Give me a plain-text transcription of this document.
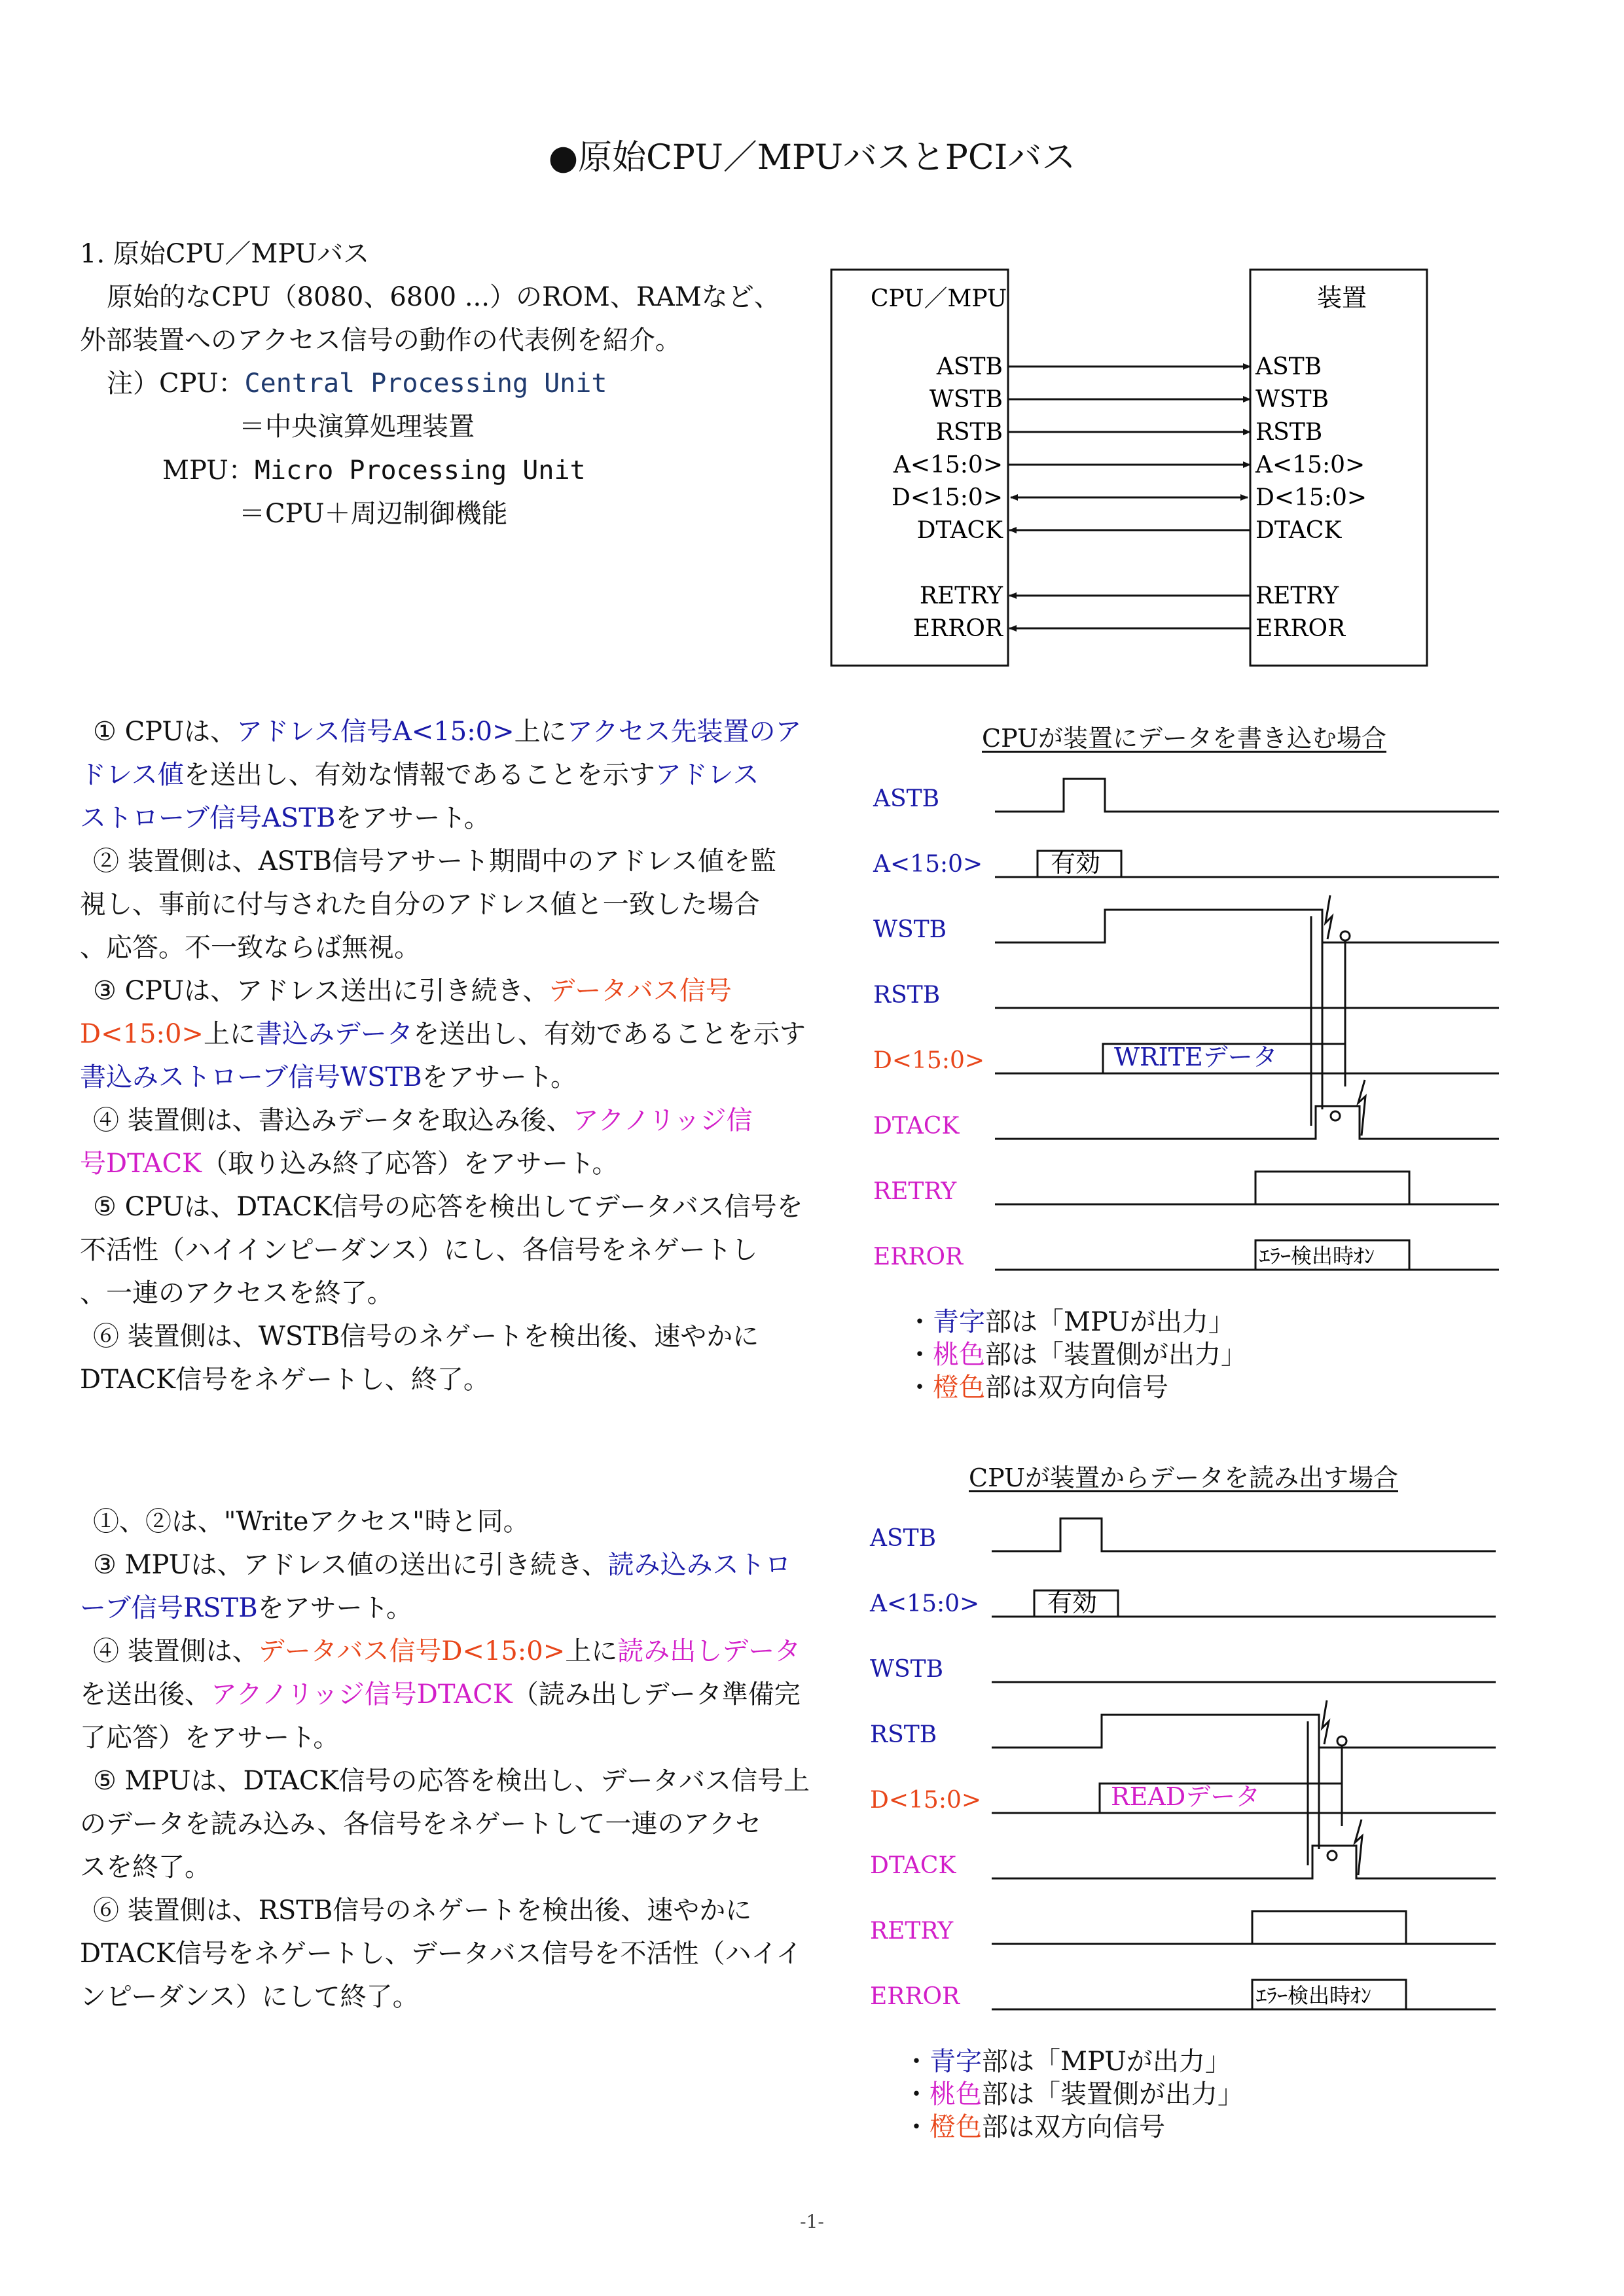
●原始CPU／MPUバスとPCIバス
1. 原始CPU／MPUバス
原始的なCPU（8080、6800 ...）のROM、RAMなど、
外部装置へのアクセス信号の動作の代表例を紹介。
注）CPU：Central Processing Unit
＝中央演算処理装置
MPU：Micro Processing Unit
＝CPU＋周辺制御機能
CPU／MPU	装置
ASTB	ASTB
WSTB	WSTB
RSTB	RSTB
A<15:0>	A<15:0>
D<15:0>	D<15:0>
DTACK	DTACK
RETRY	RETRY
ERROR	ERROR
① CPUは、アドレス信号A<15:0>上にアクセス先装置のア
ドレス値を送出し、有効な情報であることを示すアドレス
ストローブ信号ASTBをアサート。
② 装置側は、ASTB信号アサート期間中のアドレス値を監
視し、事前に付与された自分のアドレス値と一致した場合
、応答。不一致ならば無視。
③ CPUは、アドレス送出に引き続き、データバス信号
D<15:0>上に書込みデータを送出し、有効であることを示す
書込みストローブ信号WSTBをアサート。
④ 装置側は、書込みデータを取込み後、アクノリッジ信
号DTACK（取り込み終了応答）をアサート。
⑤ CPUは、DTACK信号の応答を検出してデータバス信号を
不活性（ハイインピーダンス）にし、各信号をネゲートし
、一連のアクセスを終了。
⑥ 装置側は、WSTB信号のネゲートを検出後、速やかに
DTACK信号をネゲートし、終了。
①、②は、"Writeアクセス"時と同。
③ MPUは、アドレス値の送出に引き続き、読み込みストロ
ーブ信号RSTBをアサート。
④ 装置側は、データバス信号D<15:0>上に読み出しデータ
を送出後、アクノリッジ信号DTACK（読み出しデータ準備完
了応答）をアサート。
⑤ MPUは、DTACK信号の応答を検出し、データバス信号上
のデータを読み込み、各信号をネゲートして一連のアクセ
スを終了。
⑥ 装置側は、RSTB信号のネゲートを検出後、速やかに
DTACK信号をネゲートし、データバス信号を不活性（ハイイ
ンピーダンス）にして終了。
CPUが装置にデータを書き込む場合
ASTB
A<15:0>
WSTB
RSTB
D<15:0>
DTACK
RETRY
ERROR
有効
WRITEデータ
ｴﾗｰ検出時ｵﾝ
・青字部は「MPUが出力」
・桃色部は「装置側が出力」
・橙色部は双方向信号
CPUが装置からデータを読み出す場合
ASTB
A<15:0>
WSTB
RSTB
D<15:0>
DTACK
RETRY
ERROR
有効
READデータ
ｴﾗｰ検出時ｵﾝ
・青字部は「MPUが出力」
・桃色部は「装置側が出力」
・橙色部は双方向信号
-1-
